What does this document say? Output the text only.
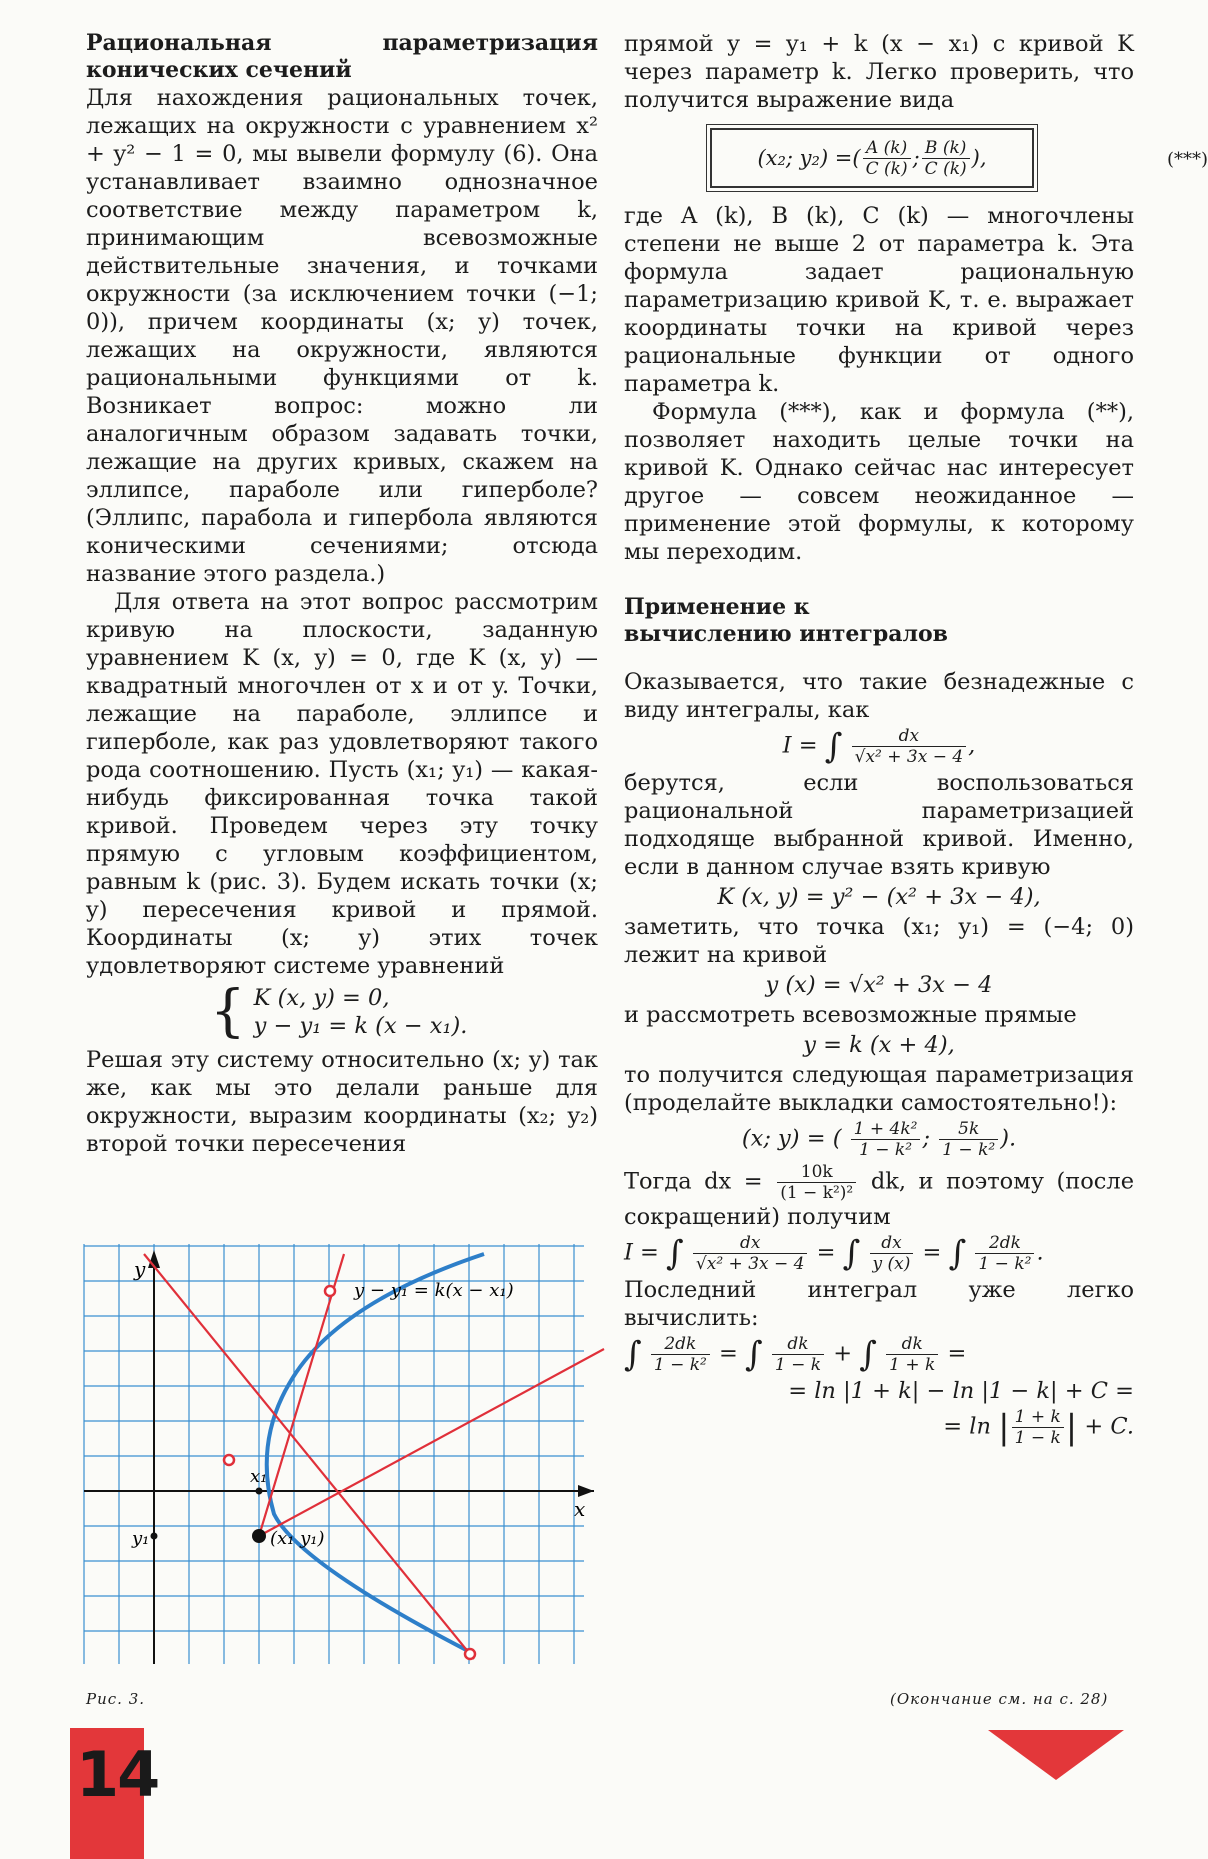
Рациональная параметризация конических сечений

Для нахождения рациональных точек, лежащих на окружности с уравнением x² + y² − 1 = 0, мы вывели формулу (6). Она устанавливает взаимно однозначное соответствие между параметром k, принимающим всевозможные действительные значения, и точками окружности (за исключением точки (−1; 0)), причем координаты (x; y) точек, лежащих на окружности, являются рациональными функциями от k. Возникает вопрос: можно ли аналогичным образом задавать точки, лежащие на других кривых, скажем на эллипсе, параболе или гиперболе? (Эллипс, парабола и гипербола являются коническими сечениями; отсюда название этого раздела.)

Для ответа на этот вопрос рассмотрим кривую на плоскости, заданную уравнением K (x, y) = 0, где K (x, y) — квадратный многочлен от x и от y. Точки, лежащие на параболе, эллипсе и гиперболе, как раз удовлетворяют такого рода соотношению. Пусть (x₁; y₁) — какая-нибудь фиксированная точка такой кривой. Проведем через эту точку прямую с угловым коэффициентом, равным k (рис. 3). Будем искать точки (x; y) пересечения кривой и прямой. Координаты (x; y) этих точек удовлетворяют системе уравнений

{ K (x, y) = 0,
y − y₁ = k (x − x₁).

Решая эту систему относительно (x; y) так же, как мы это делали раньше для окружности, выразим координаты (x₂; y₂) второй точки пересечения

прямой y = y₁ + k (x − x₁) с кривой K через параметр k. Легко проверить, что получится выражение вида

(x₂; y₂) = ( $\frac{A (k)}{C (k)}$ ; $\frac{B (k)}{C (k)}$ ),	(***)

где A (k), B (k), C (k) — многочлены степени не выше 2 от параметра k. Эта формула задает рациональную параметризацию кривой K, т. е. выражает координаты точки на кривой через рациональные функции от одного параметра k.

Формула (***), как и формула (**), позволяет находить целые точки на кривой K. Однако сейчас нас интересует другое — совсем неожиданное — применение этой формулы, к которому мы переходим.

Применение к вычислению интегралов

Оказывается, что такие безнадежные с виду интегралы, как

I = ∫ $\frac{dx}{\text{√x² + 3x − 4}}$ ,

берутся, если воспользоваться рациональной параметризацией подходяще выбранной кривой. Именно, если в данном случае взять кривую

K (x, y) = y² − (x² + 3x − 4),

заметить, что точка (x₁; y₁) = (−4; 0) лежит на кривой

y (x) = √x² + 3x − 4

и рассмотреть всевозможные прямые

y = k (x + 4),

то получится следующая параметризация (проделайте выкладки самостоятельно!):

(x; y) = ( $\frac{\text{1 + 4k²}}{\text{1 − k²}}$ ; $\frac{5k}{\text{1 − k²}}$ ).

Тогда dx = $\frac{10k}{\text{(1 − k²)²}}$ dk, и поэтому (после сокращений) получим

I = ∫ $\frac{dx}{\text{√x² + 3x − 4}}$ = ∫ $\frac{dx}{y (x)}$ = ∫ $\frac{2dk}{\text{1 − k²}}$ .

Последний интеграл уже легко вычислить:

∫ $\frac{2dk}{\text{1 − k²}}$ = ∫ $\frac{dk}{1 - k}$ + ∫ $\frac{dk}{1 + k}$ =
= ln |1 + k| − ln |1 − k| + C =
= ln | $\frac{1 + k}{1 - k}$ | + C.
y
x
x₁
y₁	(x₁ y₁)
y − y₁ = k(x − x₁)
Рис. 3.	(Окончание см. на с. 28)
14
